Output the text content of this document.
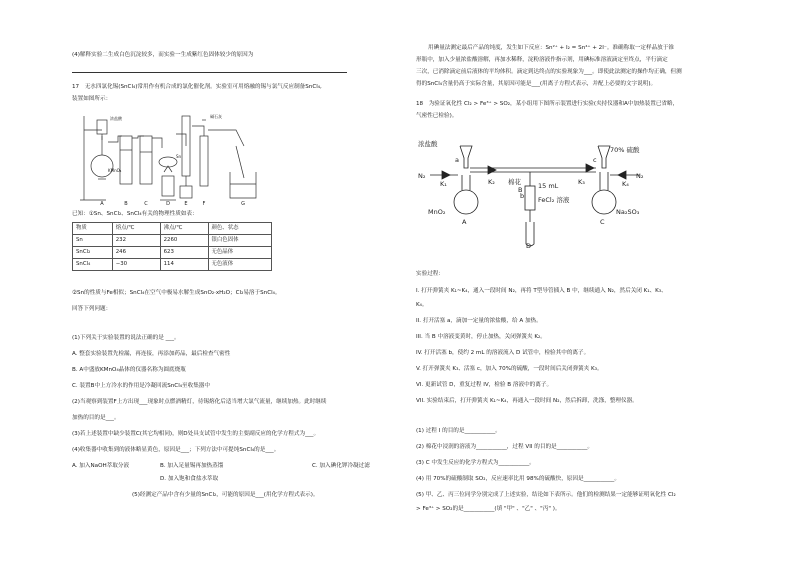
(4)解释实验二生成白色沉淀较多，而实验一生成紫红色固体较少的原因为
17　无水四氯化锡(SnCl₄)常用作有机合成的氯化催化剂。实验室可用熔融的锡与氯气反应制备SnCl₄,
装置如图所示：
A	B	C	D	E	F	G
浓盐酸
KMnO₄
碱石灰
Sn
已知：①Sn、SnCl₂、SnCl₄有关的物理性质如表：
物质	熔点/℃	沸点/℃	颜色、状态
Sn	232	2260	银白色固体
SnCl₂	246	623	无色晶体
SnCl₄	−30	114	无色液体
②Sn的性质与Fe相似；SnCl₄在空气中极易水解生成SnO₂·xH₂O；Cl₂易溶于SnCl₄。
回答下列问题：
(1)下列关于实验装置的说法正确的是 ___。
A. 整套实验装置先检漏，再连接，再添加药品，最后检查气密性
B. A中盛放KMnO₄晶体的仪器名称为圆底烧瓶
C. 装置B中上方冷水的作用是冷凝回流SnCl₄至收集器中
(2)当观察到装置F上方出现___现象时点燃酒精灯，待锡熔化后适当增大氯气流量，继续加热。此时继续
加热的目的是___。
(3)若上述装置中缺少装置C(其它均相同)，则D处具支试管中发生的主要副反应的化学方程式为___。
(4)收集器中收集到的液体略显黄色，原因是___；下列方法中可提纯SnCl₄的是___。
A. 加入NaOH萃取分液	B. 加入足量锡再加热蒸馏	C. 加入碘化钾冷凝过滤
D. 加入饱和食盐水萃取
(5)经测定产品中含有少量的SnCl₂，可能的原因是___(用化学方程式表示)。
用碘量法测定最后产品的纯度，发生如下反应：Sn²⁺ + I₂ = Sn⁴⁺ + 2I⁻。准确称取一定样品放于锥
形瓶中，加入少量浓盐酸溶解，再加水稀释，淀粉溶液作指示剂，用碘标准溶液滴定至终点，平行滴定
三次，已消除滴定前后液体的平均体积。滴定到达终点的实验现象为___。即使此法测定的操作均正确，但测
得的SnCl₄含量仍高于实际含量，其原因可能是___(用离子方程式表示，并配上必要的文字说明)。
18　为验证氧化性 Cl₂ > Fe³⁺ > SO₂，某小组用下图所示装置进行实验(夹持仪器和A中加热装置已省略，
气密性已检验)。
浓盐酸
70% 硫酸
N₂	N₂
K₁	K₂	K₃	K₄
a
b
c
棉花	15 mL
FeCl₂ 溶液
MnO₂	Na₂SO₃
A
B
C
D
实验过程：
I. 打开弹簧夹 K₁~K₄，通入一段时间 N₂，再将 T型导管插入 B 中，继续通入 N₂，然后关闭 K₁、K₃、
K₄。
II. 打开活塞 a，滴加一定量的浓盐酸，给 A 加热。
III. 当 B 中溶液变黄时，停止加热，关闭弹簧夹 K₂。
IV. 打开活塞 b，使约 2 mL 的溶液流入 D 试管中，检验其中的离子。
V. 打开弹簧夹 K₃、活塞 c，加入 70%的硫酸，一段时间后关闭弹簧夹 K₃。
VI. 更新试管 D，重复过程 IV，检验 B 溶液中的离子。
VII. 实验结束后，打开弹簧夹 K₁~K₄，再通入一段时间 N₂，然后拆卸，洗涤，整理仪器。
(1) 过程 I 的目的是___________。
(2) 棉花中浸润的溶液为___________，过程 VII 的目的是___________。
(3) C 中发生反应的化学方程式为___________。
(4) 用 70%的硫酸制取 SO₂，反应速率比用 98%的硫酸快，原因是___________。
(5) 甲、乙、丙三位同学分别完成了上述实验，结论如下表所示。他们的检测结果一定能够证明氧化性 Cl₂
> Fe³⁺ > SO₂的是___________(填 "甲" 、"乙" 、"丙" )。
